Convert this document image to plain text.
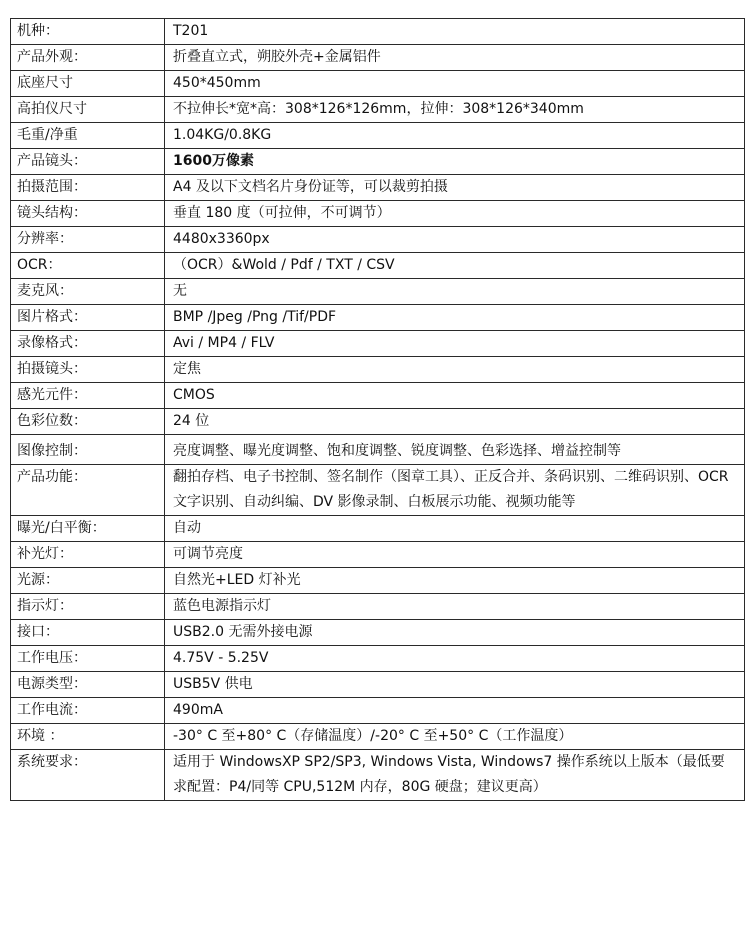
机种：	T201
产品外观：	折叠直立式，朔胶外壳+金属铝件
底座尺寸	450*450mm
高拍仪尺寸	不拉伸长*宽*高：308*126*126mm，拉伸：308*126*340mm
毛重/净重	1.04KG/0.8KG
产品镜头：	1600万像素
拍摄范围：	A4 及以下文档名片身份证等，可以裁剪拍摄
镜头结构：	垂直 180 度（可拉伸，不可调节）
分辨率：	4480x3360px
OCR：	（OCR）&Wold / Pdf / TXT / CSV
麦克风：	无
图片格式：	BMP /Jpeg /Png /Tif/PDF
录像格式：	Avi / MP4 / FLV
拍摄镜头：	定焦
感光元件：	CMOS
色彩位数：	24 位
图像控制：	亮度调整、曝光度调整、饱和度调整、锐度调整、色彩选择、增益控制等
产品功能：	翻拍存档、电子书控制、签名制作（图章工具）、正反合并、条码识别、二维码识别、OCR 文字识别、自动纠编、DV 影像录制、白板展示功能、视频功能等
曝光/白平衡：	自动
补光灯：	可调节亮度
光源：	自然光+LED 灯补光
指示灯：	蓝色电源指示灯
接口：	USB2.0 无需外接电源
工作电压：	4.75V - 5.25V
电源类型：	USB5V 供电
工作电流：	490mA
环境 ：	-30° C 至+80° C（存储温度）/-20° C 至+50° C（工作温度）
系统要求：	适用于 WindowsXP SP2/SP3, Windows Vista, Windows7 操作系统以上版本（最低要求配置：P4/同等 CPU,512M 内存，80G 硬盘；建议更高）
